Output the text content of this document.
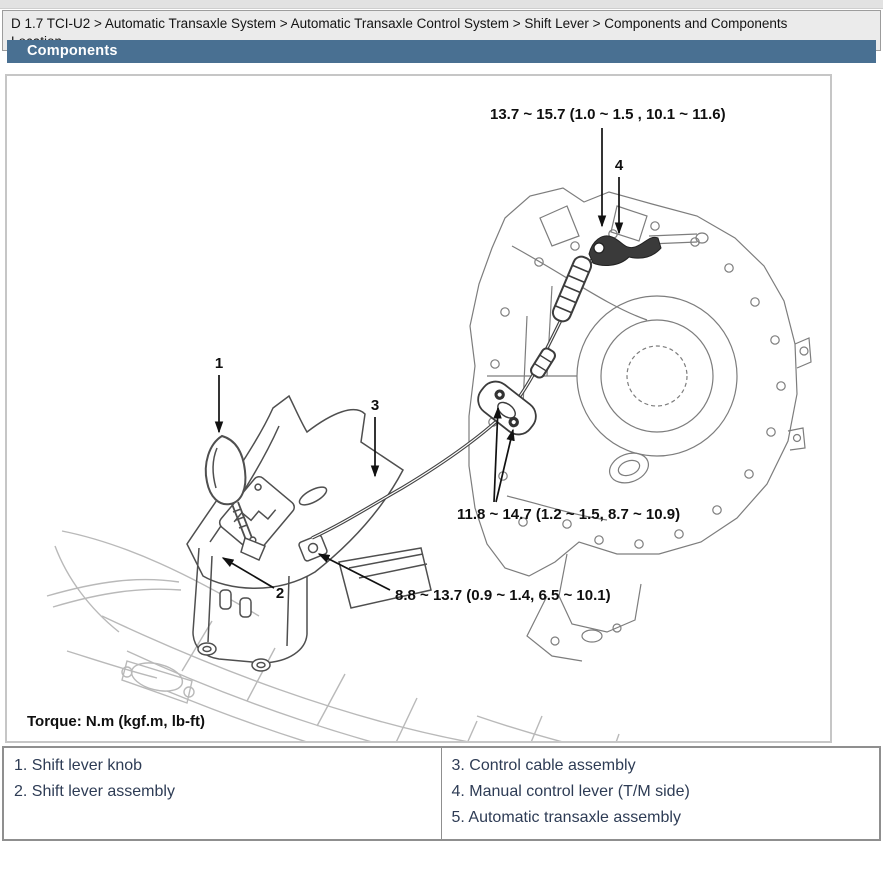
D 1.7 TCI-U2 > Automatic Transaxle System > Automatic Transaxle Control System > Shift Lever > Components and Components
Components
13.7 ~ 15.7 (1.0 ~ 1.5 , 10.1 ~ 11.6)
11.8 ~ 14.7 (1.2 ~ 1.5, 8.7 ~ 10.9)
8.8 ~ 13.7 (0.9 ~ 1.4, 6.5 ~ 10.1)
1
2
3
4
Torque: N.m (kgf.m, lb-ft)
1. Shift lever knob
2. Shift lever assembly
3. Control cable assembly
4. Manual control lever (T/M side)
5. Automatic transaxle assembly
